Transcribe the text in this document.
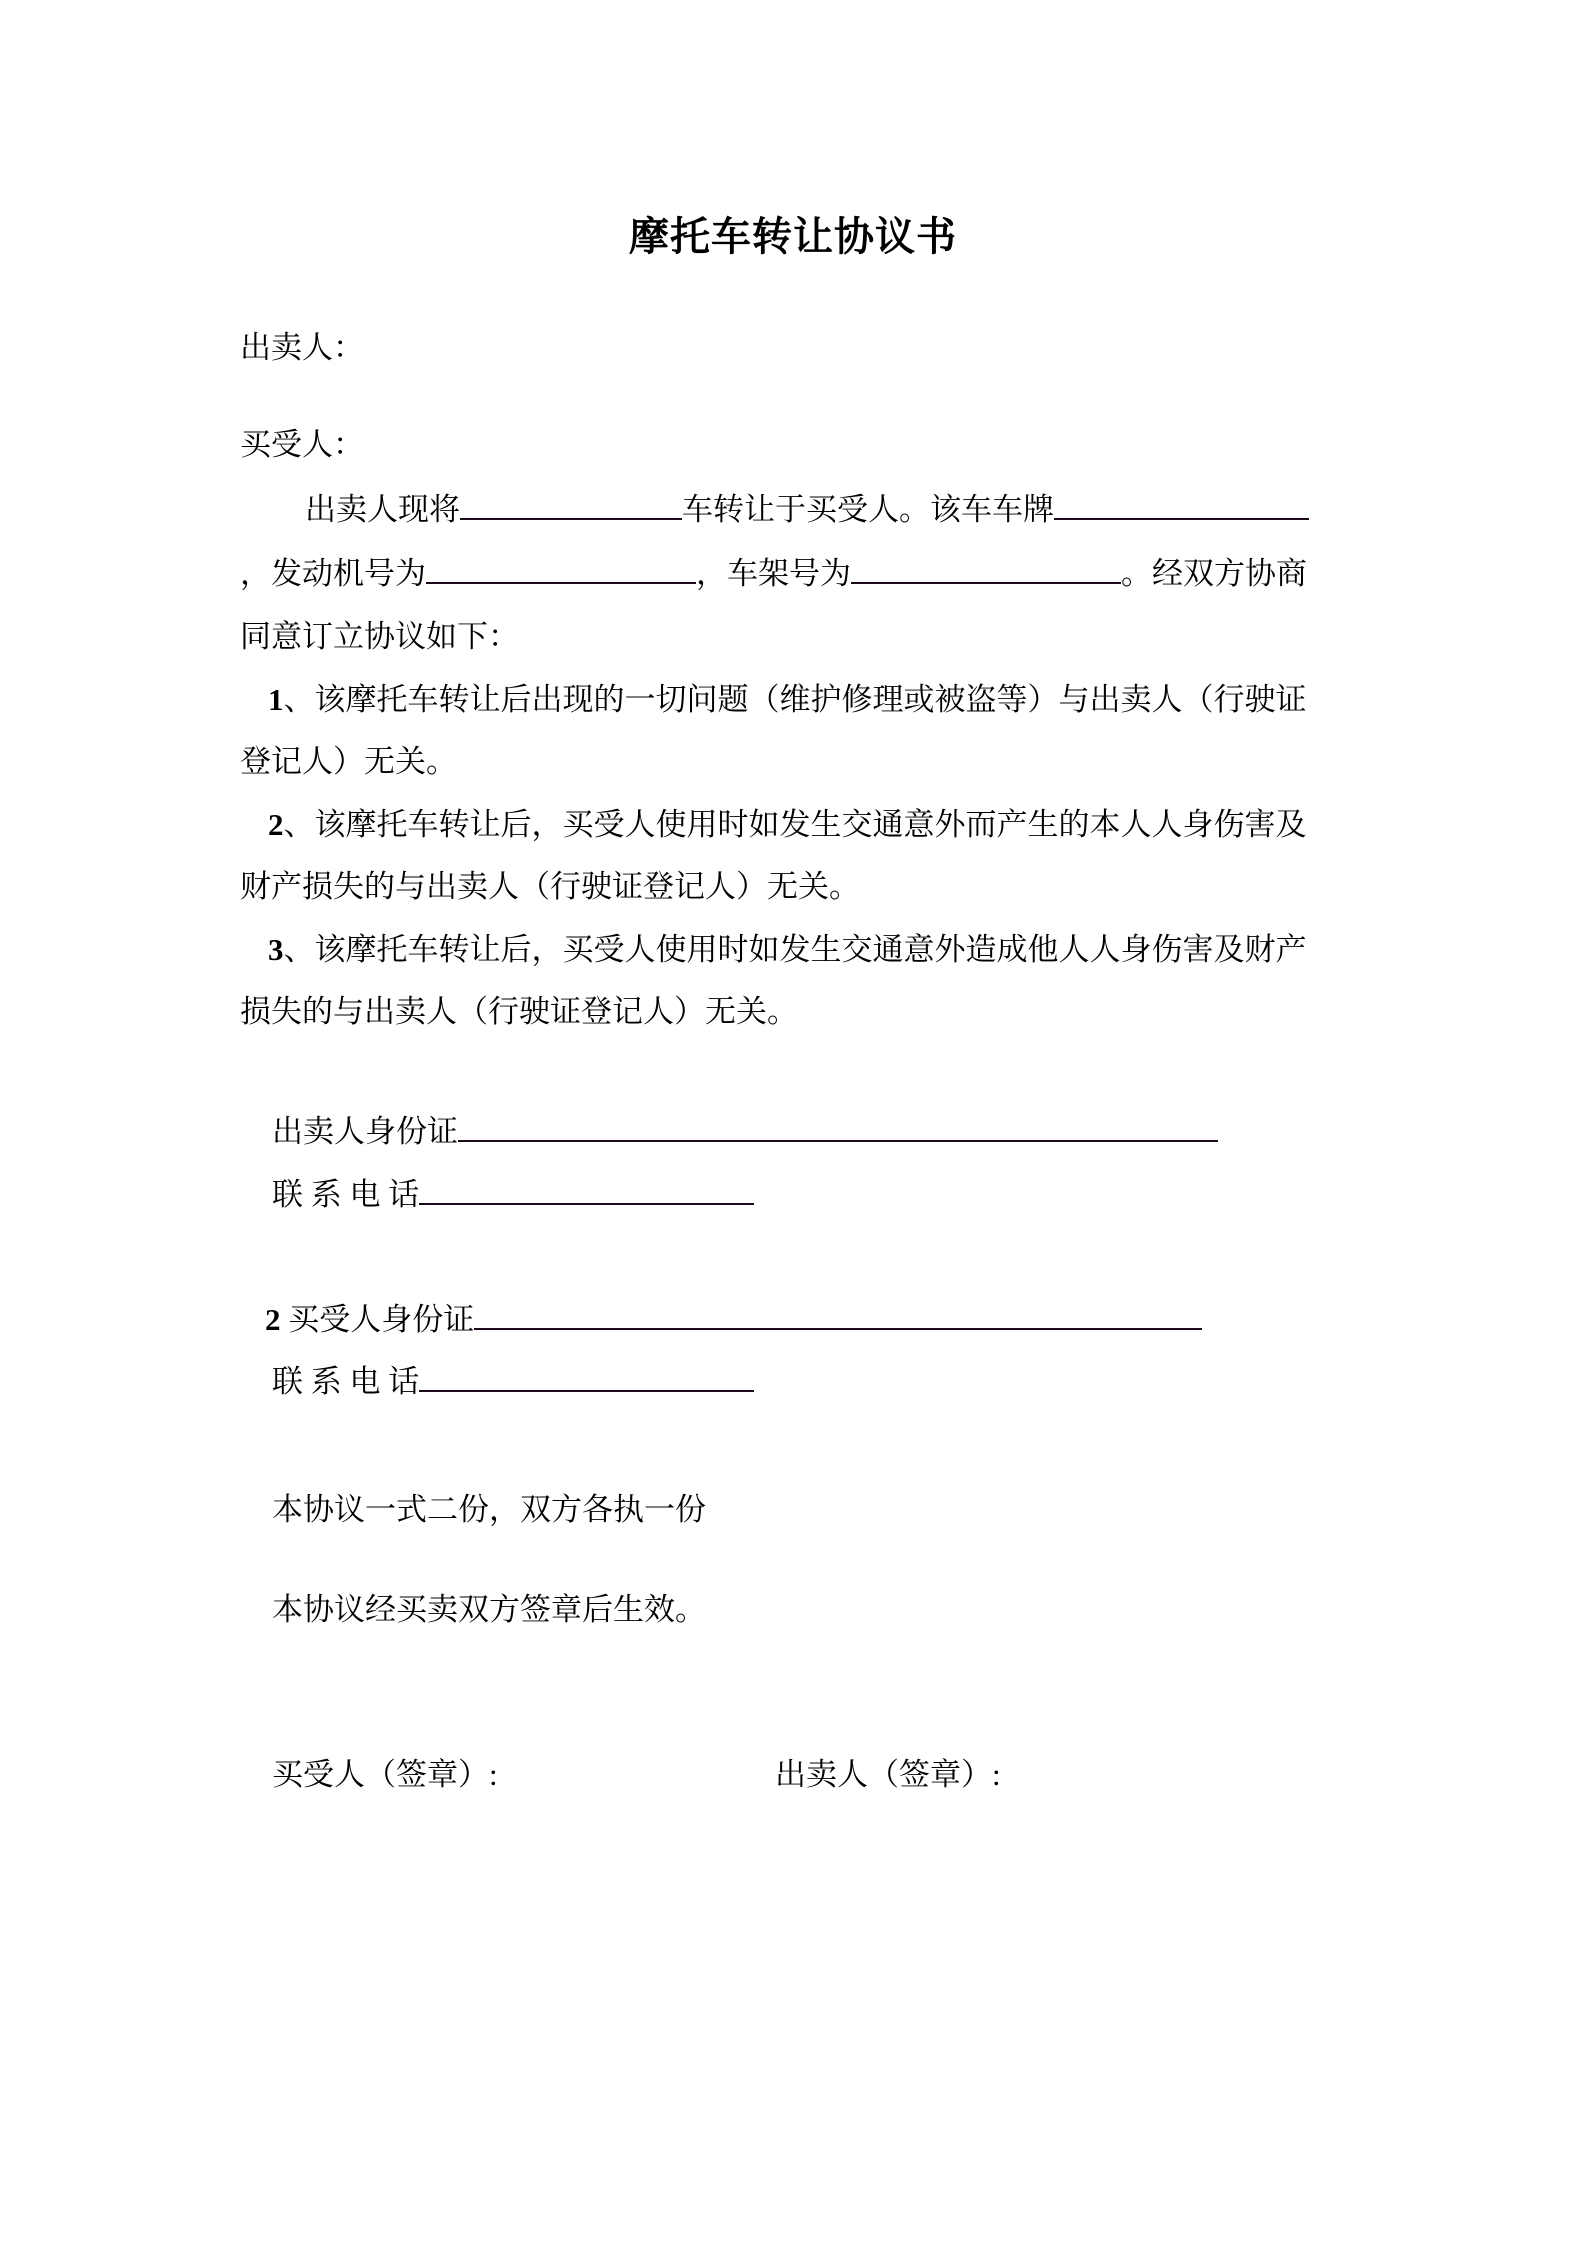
摩托车转让协议书
出卖人：
买受人：
出卖人现将	车转让于买受人。该车车牌
，发动机号为	，车架号为	。经双方协商
同意订立协议如下：
1、该摩托车转让后出现的一切问题（维护修理或被盗等）与出卖人（行驶证
登记人）无关。
2、该摩托车转让后，买受人使用时如发生交通意外而产生的本人人身伤害及
财产损失的与出卖人（行驶证登记人）无关。
3、该摩托车转让后，买受人使用时如发生交通意外造成他人人身伤害及财产
损失的与出卖人（行驶证登记人）无关。
出卖人身份证
联 系 电 话
2 买受人身份证
联 系 电 话
本协议一式二份，双方各执一份
本协议经买卖双方签章后生效。
买受人（签章）:	出卖人（签章）:
